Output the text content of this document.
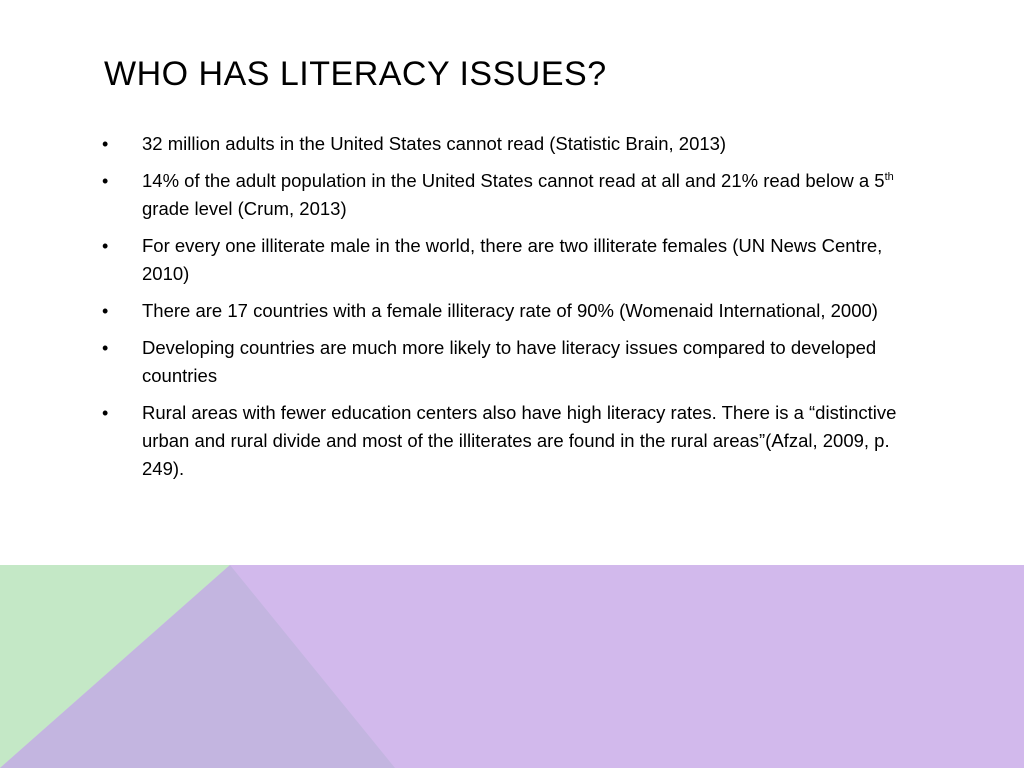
WHO HAS LITERACY ISSUES?
• 32 million adults in the United States cannot read (Statistic Brain, 2013)
• 14% of the adult population in the United States cannot read at all and 21% read below a 5th grade level (Crum, 2013)
• For every one illiterate male in the world, there are two illiterate females (UN News Centre, 2010)
• There are 17 countries with a female illiteracy rate of 90% (Womenaid International, 2000)
• Developing countries are much more likely to have literacy issues compared to developed countries
• Rural areas with fewer education centers also have high literacy rates. There is a “distinctive urban and rural divide and most of the illiterates are found in the rural areas”(Afzal, 2009, p. 249).
